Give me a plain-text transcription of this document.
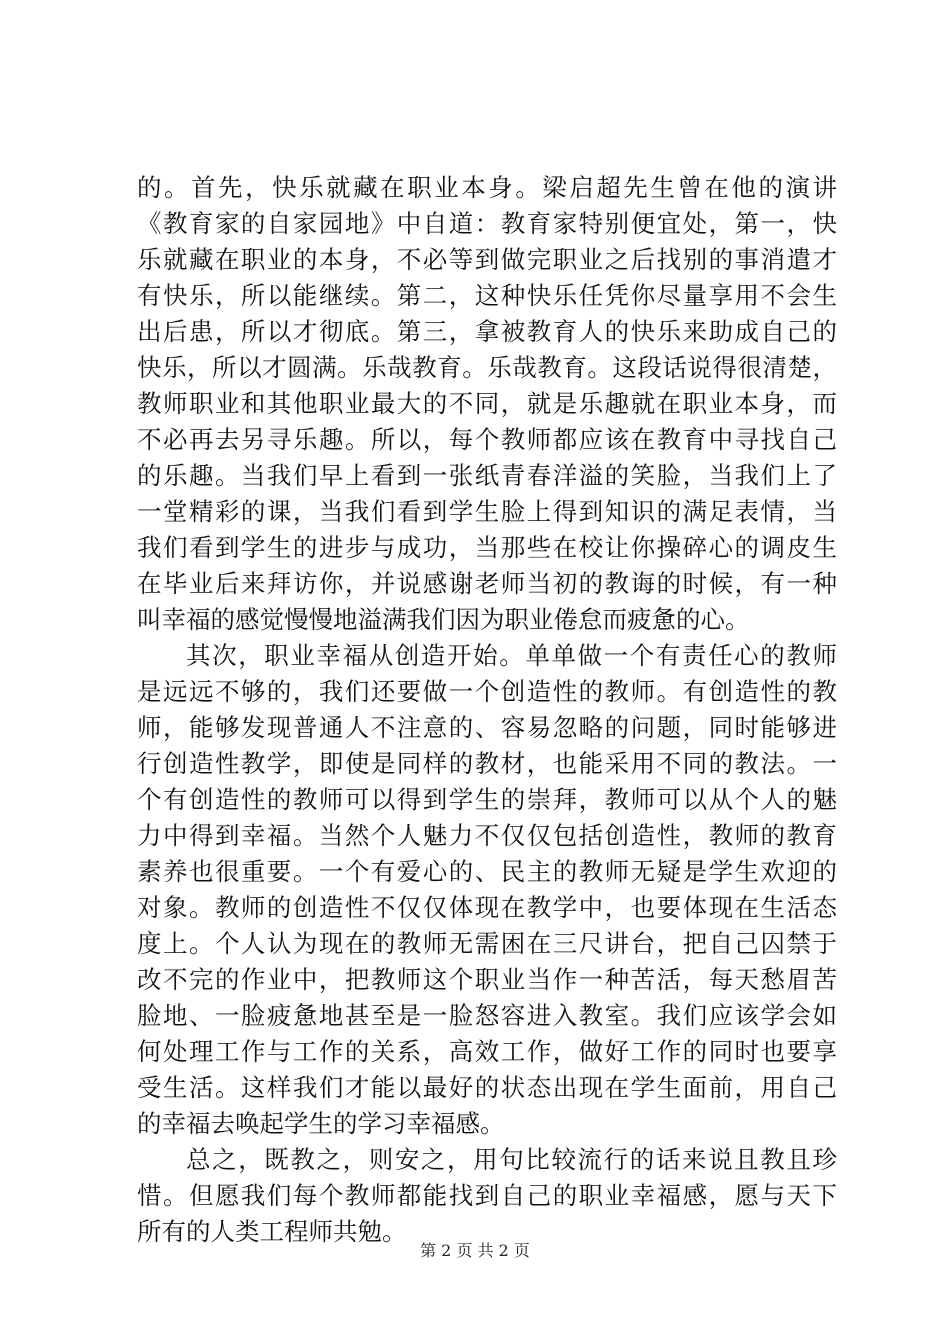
的。首先，快乐就藏在职业本身。梁启超先生曾在他的演讲
《教育家的自家园地》中自道：教育家特别便宜处，第一，快
乐就藏在职业的本身，不必等到做完职业之后找别的事消遣才
有快乐，所以能继续。第二，这种快乐任凭你尽量享用不会生
出后患，所以才彻底。第三，拿被教育人的快乐来助成自己的
快乐，所以才圆满。乐哉教育。乐哉教育。这段话说得很清楚，
教师职业和其他职业最大的不同，就是乐趣就在职业本身，而
不必再去另寻乐趣。所以，每个教师都应该在教育中寻找自己
的乐趣。当我们早上看到一张纸青春洋溢的笑脸，当我们上了
一堂精彩的课，当我们看到学生脸上得到知识的满足表情，当
我们看到学生的进步与成功，当那些在校让你操碎心的调皮生
在毕业后来拜访你，并说感谢老师当初的教诲的时候，有一种
叫幸福的感觉慢慢地溢满我们因为职业倦怠而疲惫的心。
其次，职业幸福从创造开始。单单做一个有责任心的教师
是远远不够的，我们还要做一个创造性的教师。有创造性的教
师，能够发现普通人不注意的、容易忽略的问题，同时能够进
行创造性教学，即使是同样的教材，也能采用不同的教法。一
个有创造性的教师可以得到学生的崇拜，教师可以从个人的魅
力中得到幸福。当然个人魅力不仅仅包括创造性，教师的教育
素养也很重要。一个有爱心的、民主的教师无疑是学生欢迎的
对象。教师的创造性不仅仅体现在教学中，也要体现在生活态
度上。个人认为现在的教师无需困在三尺讲台，把自己囚禁于
改不完的作业中，把教师这个职业当作一种苦活，每天愁眉苦
脸地、一脸疲惫地甚至是一脸怒容进入教室。我们应该学会如
何处理工作与工作的关系，高效工作，做好工作的同时也要享
受生活。这样我们才能以最好的状态出现在学生面前，用自己
的幸福去唤起学生的学习幸福感。
总之，既教之，则安之，用句比较流行的话来说且教且珍
惜。但愿我们每个教师都能找到自己的职业幸福感，愿与天下
所有的人类工程师共勉。
第 2 页 共 2 页
